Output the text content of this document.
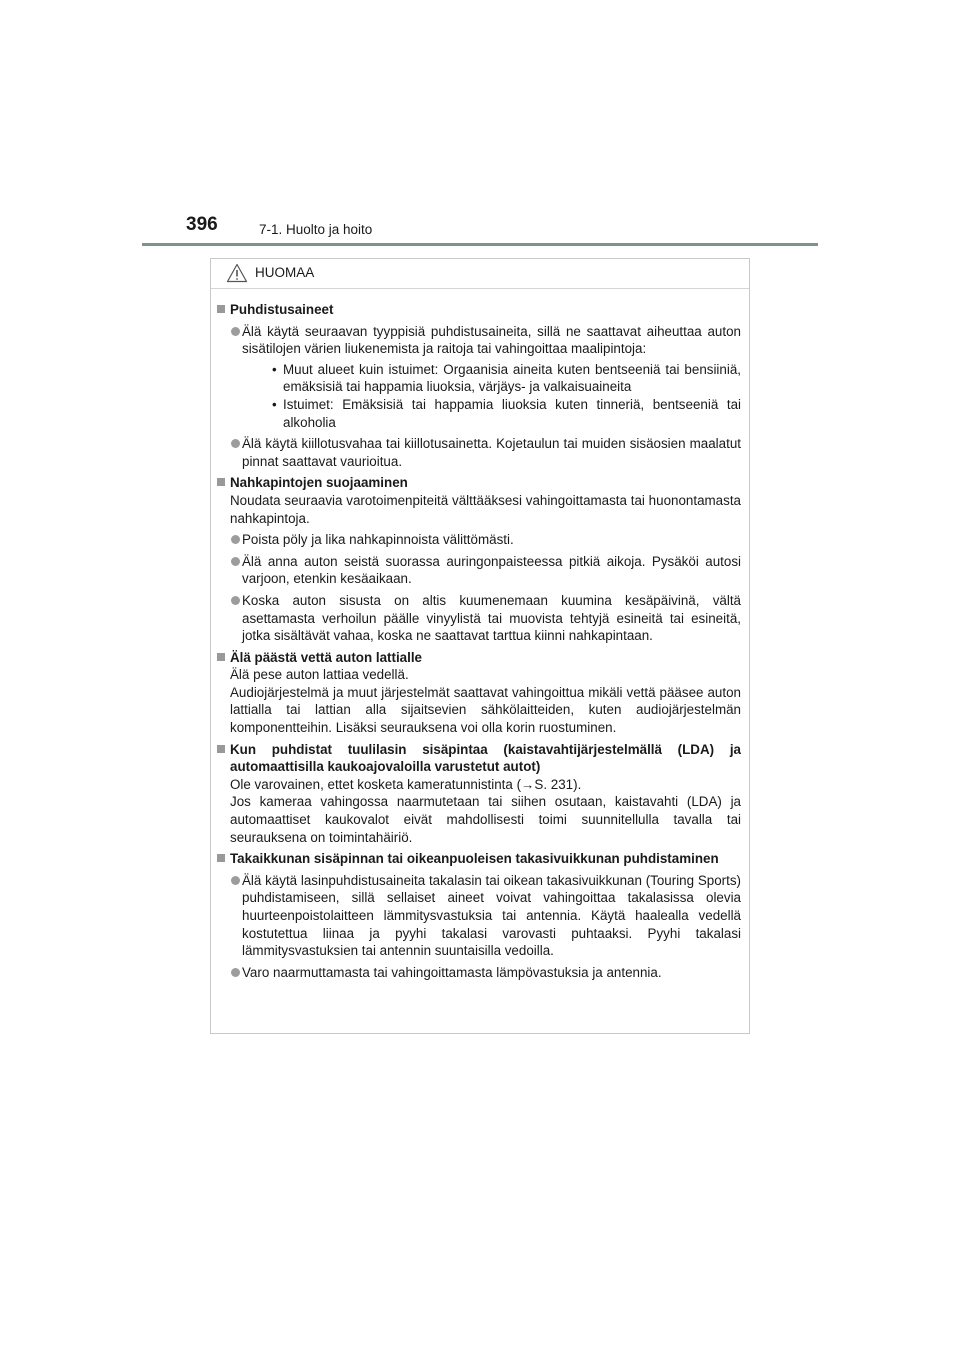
396	7-1. Huolto ja hoito
HUOMAA
Puhdistusaineet
Älä käytä seuraavan tyyppisiä puhdistusaineita, sillä ne saattavat aiheuttaa auton sisätilojen värien liukenemista ja raitoja tai vahingoittaa maalipintoja:
• Muut alueet kuin istuimet: Orgaanisia aineita kuten bentseeniä tai bensiiniä, emäksisiä tai happamia liuoksia, värjäys- ja valkaisuaineita
• Istuimet: Emäksisiä tai happamia liuoksia kuten tinneriä, bentseeniä tai alkoholia
Älä käytä kiillotusvahaa tai kiillotusainetta. Kojetaulun tai muiden sisäosien maalatut pinnat saattavat vaurioitua.
Nahkapintojen suojaaminen
Noudata seuraavia varotoimenpiteitä välttääksesi vahingoittamasta tai huonontamasta nahkapintoja.
Poista pöly ja lika nahkapinnoista välittömästi.
Älä anna auton seistä suorassa auringonpaisteessa pitkiä aikoja. Pysäköi autosi varjoon, etenkin kesäaikaan.
Koska auton sisusta on altis kuumenemaan kuumina kesäpäivinä, vältä asettamasta verhoilun päälle vinyylistä tai muovista tehtyjä esineitä tai esineitä, jotka sisältävät vahaa, koska ne saattavat tarttua kiinni nahkapintaan.
Älä päästä vettä auton lattialle
Älä pese auton lattiaa vedellä.
Audiojärjestelmä ja muut järjestelmät saattavat vahingoittua mikäli vettä pääsee auton lattialla tai lattian alla sijaitsevien sähkölaitteiden, kuten audiojärjestelmän komponentteihin. Lisäksi seurauksena voi olla korin ruostuminen.
Kun puhdistat tuulilasin sisäpintaa (kaistavahtijärjestelmällä (LDA) ja automaattisilla kaukoajovaloilla varustetut autot)
Ole varovainen, ettet kosketa kameratunnistinta (→S. 231).
Jos kameraa vahingossa naarmutetaan tai siihen osutaan, kaistavahti (LDA) ja automaattiset kaukovalot eivät mahdollisesti toimi suunnitellulla tavalla tai seurauksena on toimintahäiriö.
Takaikkunan sisäpinnan tai oikeanpuoleisen takasivuikkunan puhdistaminen
Älä käytä lasinpuhdistusaineita takalasin tai oikean takasivuikkunan (Touring Sports) puhdistamiseen, sillä sellaiset aineet voivat vahingoittaa takalasissa olevia huurteenpoistolaitteen lämmitysvastuksia tai antennia. Käytä haalealla vedellä kostutettua liinaa ja pyyhi takalasi varovasti puhtaaksi. Pyyhi takalasi lämmitysvastuksien tai antennin suuntaisilla vedoilla.
Varo naarmuttamasta tai vahingoittamasta lämpövastuksia ja antennia.
